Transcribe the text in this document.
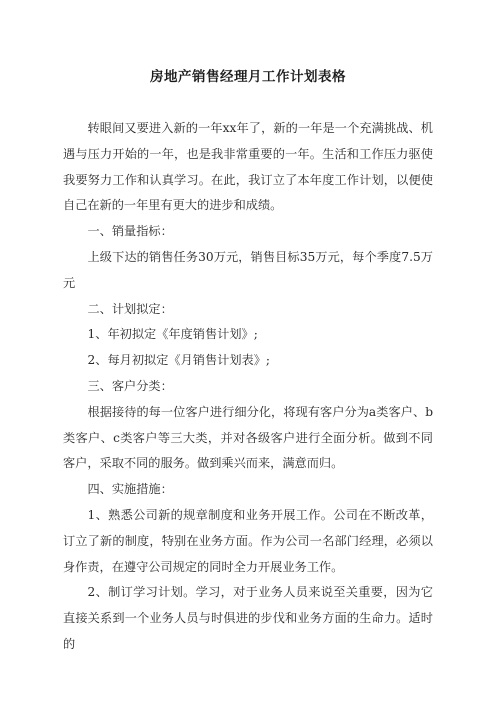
房地产销售经理月工作计划表格

转眼间又要进入新的一年xx年了，新的一年是一个充满挑战、机遇与压力开始的一年，也是我非常重要的一年。生活和工作压力驱使我要努力工作和认真学习。在此，我订立了本年度工作计划，以便使自己在新的一年里有更大的进步和成绩。

一、销量指标：

上级下达的销售任务30万元，销售目标35万元，每个季度7.5万元

二、计划拟定：

1、年初拟定《年度销售计划》;

2、每月初拟定《月销售计划表》;

三、客户分类：

根据接待的每一位客户进行细分化，将现有客户分为a类客户、b类客户、c类客户等三大类，并对各级客户进行全面分析。做到不同客户，采取不同的服务。做到乘兴而来，满意而归。

四、实施措施：

1、熟悉公司新的规章制度和业务开展工作。公司在不断改革，订立了新的制度，特别在业务方面。作为公司一名部门经理，必须以身作责，在遵守公司规定的同时全力开展业务工作。

2、制订学习计划。学习，对于业务人员来说至关重要，因为它直接关系到一个业务人员与时俱进的步伐和业务方面的生命力。适时的
